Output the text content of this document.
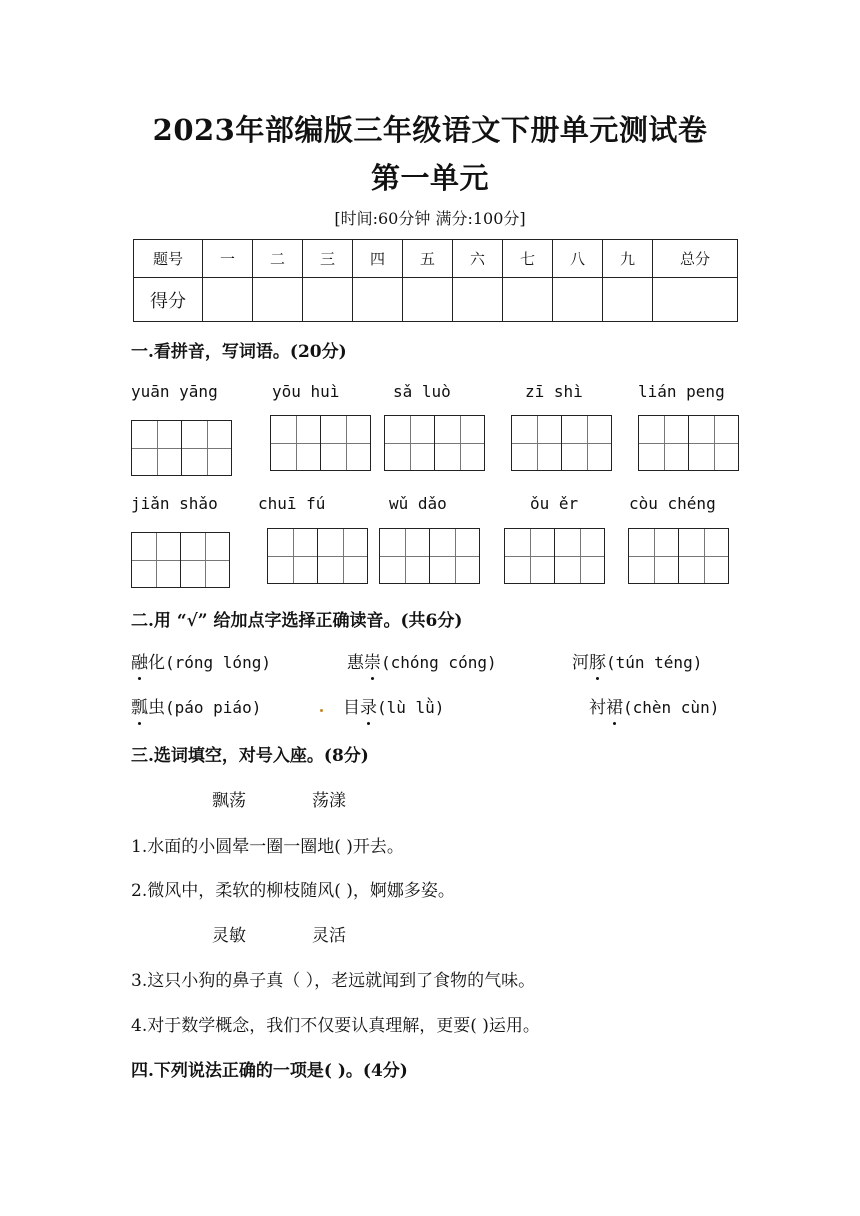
2023年部编版三年级语文下册单元测试卷
第一单元
[时间:60分钟 满分:100分]
题号	一	二	三	四	五	六	七	八	九	总分
得分										
一.看拼音，写词语。(20分)
yuān yāng	yōu huì	sǎ luò	zī shì	lián peng
jiǎn shǎo	chuī fú	wǔ dǎo	ǒu ěr	còu chéng
二.用 “√” 给加点字选择正确读音。(共6分)
融化(róng lóng)	惠崇(chóng cóng)	河豚(tún téng)
瓢虫(páo piáo)	目录(lù lǜ)	衬裙(chèn cùn)
三.选词填空，对号入座。(8分)
飘荡	荡漾
1.水面的小圆晕一圈一圈地( )开去。
2.微风中，柔软的柳枝随风( )，婀娜多姿。
灵敏	灵活
3.这只小狗的鼻子真（ ），老远就闻到了食物的气味。
4.对于数学概念，我们不仅要认真理解，更要( )运用。
四.下列说法正确的一项是( )。(4分)
